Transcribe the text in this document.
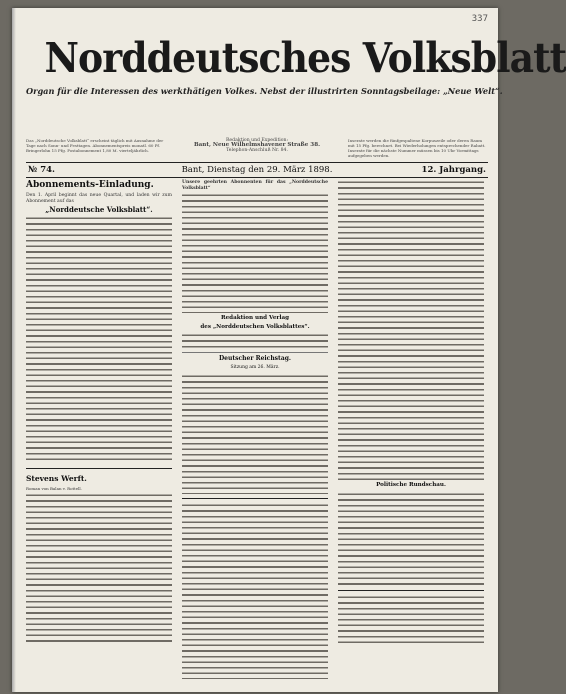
337
Norddeutsches Volksblatt
Organ für die Interessen des werkthätigen Volkes. Nebst der illustrirten Sonntagsbeilage: „Neue Welt“.
Das „Norddeutsche Volksblatt“ erscheint täglich mit Ausnahme der Tage nach Sonn- und Festtagen. Abonnementspreis monatl. 60 Pf. Bringerlohn 15 Pfg. Postabonnement 1,80 M. vierteljährlich.
Redaktion und Expedition:
Bant, Neue Wilhelmshavener Straße 38.
Telephon-Anschluß Nr. 84.
Inserate werden die fünfgespaltene Korpuszeile oder deren Raum mit 15 Pfg. berechnet. Bei Wiederholungen entsprechender Rabatt. Inserate für die nächste Nummer müssen bis 10 Uhr Vormittags aufgegeben werden.
№ 74.	Bant, Dienstag den 29. März 1898.	12. Jahrgang.
Abonnements-Einladung.
Den 1. April beginnt das neue Quartal, und laden wir zum Abonnement auf das
„Norddeutsche Volksblatt“.
Stevens Werft.
Roman von Balan v. Rottell.
Unsere geehrten Abonnenten für das „Norddeutsche Volksblatt“
Redaktion und Verlag
des „Norddeutschen Volksblattes“.
Deutscher Reichstag.
Sitzung am 26. März.
Politische Rundschau.
